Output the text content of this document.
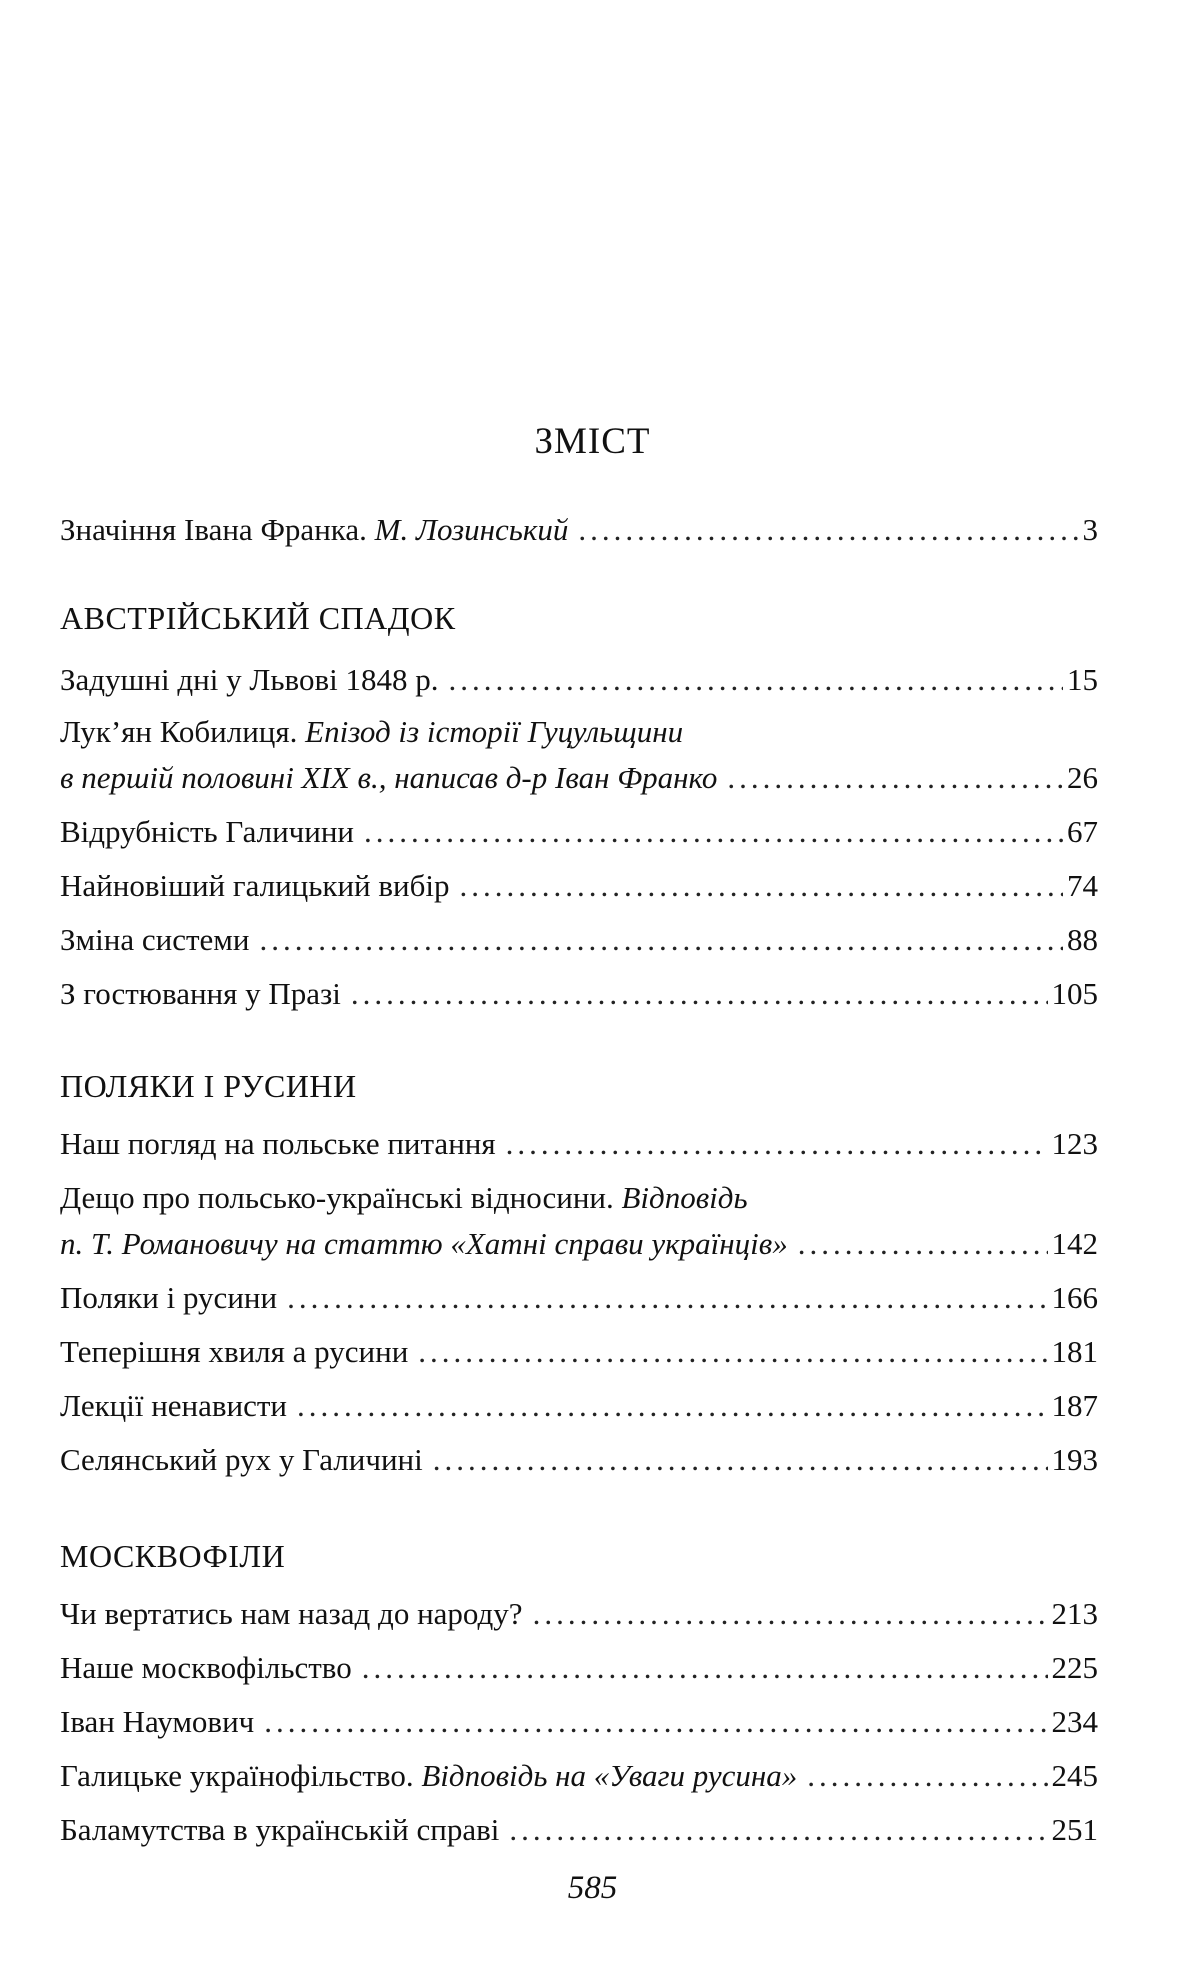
ЗМІСТ
Значіння Івана Франка. М. Лозинський .....	3
АВСТРІЙСЬКИЙ СПАДОК
Задушні дні у Львові 1848 р. .....	15
Лук’ян Кобилиця. Епізод із історії Гуцульщини
в першій половині XIX в., написав д-р Іван Франко .....	26
Відрубність Галичини .....	67
Найновіший галицький вибір .....	74
Зміна системи .....	88
З гостювання у Празі .....	105
ПОЛЯКИ І РУСИНИ
Наш погляд на польське питання .....	123
Дещо про польсько-українські відносини. Відповідь
п. Т. Романовичу на статтю «Хатні справи українців» .....	142
Поляки і русини .....	166
Теперішня хвиля а русини .....	181
Лекції ненависти .....	187
Селянський рух у Галичині .....	193
МОСКВОФІЛИ
Чи вертатись нам назад до народу? .....	213
Наше москвофільство .....	225
Іван Наумович .....	234
Галицьке українофільство. Відповідь на «Уваги русина» .....	245
Баламутства в українській справі .....	251
585
